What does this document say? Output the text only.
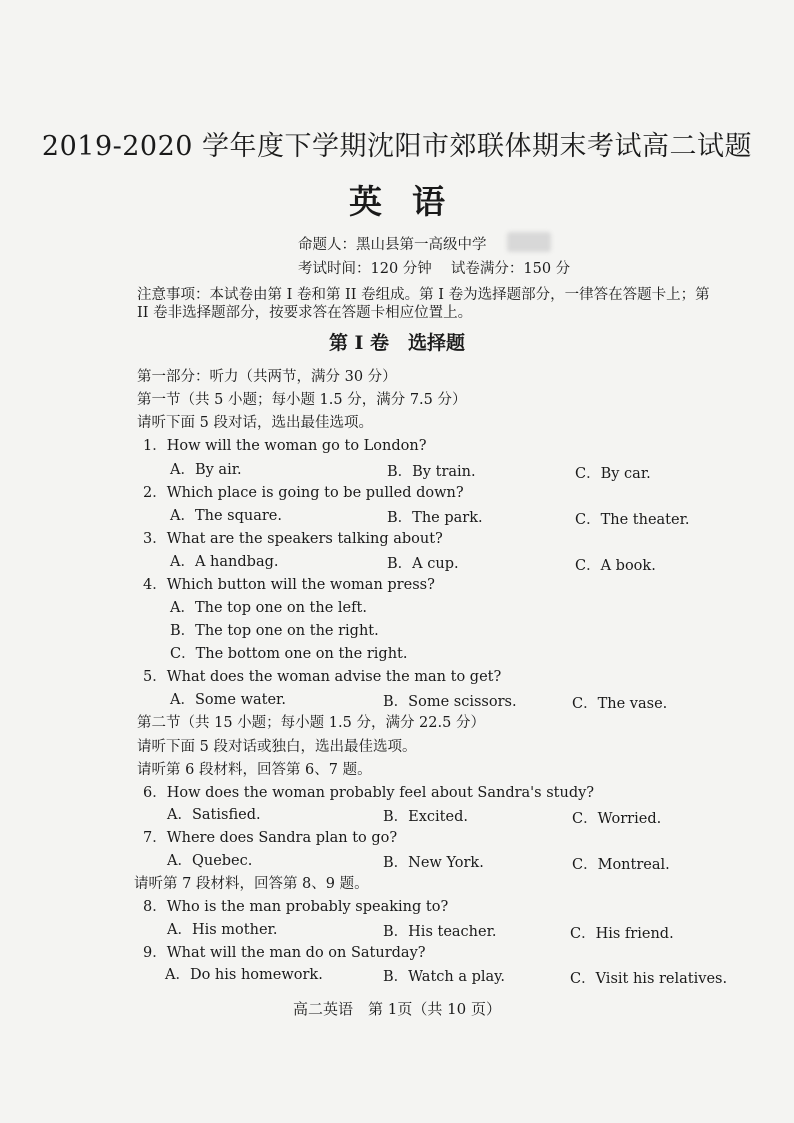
2019-2020 学年度下学期沈阳市郊联体期末考试高二试题
英语
命题人：黑山县第一高级中学
考试时间：120 分钟　 试卷满分：150 分
注意事项：本试卷由第 I 卷和第 II 卷组成。第 I 卷为选择题部分，一律答在答题卡上；第
II 卷非选择题部分，按要求答在答题卡相应位置上。
第 I 卷　选择题
第一部分：听力（共两节，满分 30 分）
第一节（共 5 小题；每小题 1.5 分，满分 7.5 分）
请听下面 5 段对话，选出最佳选项。
1．How will the woman go to London?
A．By air.	B．By train.	C．By car.
2．Which place is going to be pulled down?
A．The square.	B．The park.	C．The theater.
3．What are the speakers talking about?
A．A handbag.	B．A cup.	C．A book.
4．Which button will the woman press?
A．The top one on the left.
B．The top one on the right.
C．The bottom one on the right.
5．What does the woman advise the man to get?
A．Some water.	B．Some scissors.	C．The vase.
第二节（共 15 小题；每小题 1.5 分，满分 22.5 分）
请听下面 5 段对话或独白，选出最佳选项。
请听第 6 段材料，回答第 6、7 题。
6．How does the woman probably feel about Sandra's study?
A．Satisfied.	B．Excited.	C．Worried.
7．Where does Sandra plan to go?
A．Quebec.	B．New York.	C．Montreal.
请听第 7 段材料，回答第 8、9 题。
8．Who is the man probably speaking to?
A．His mother.	B．His teacher.	C．His friend.
9．What will the man do on Saturday?
A．Do his homework.	B．Watch a play.	C．Visit his relatives.
高二英语　第 1页（共 10 页）
